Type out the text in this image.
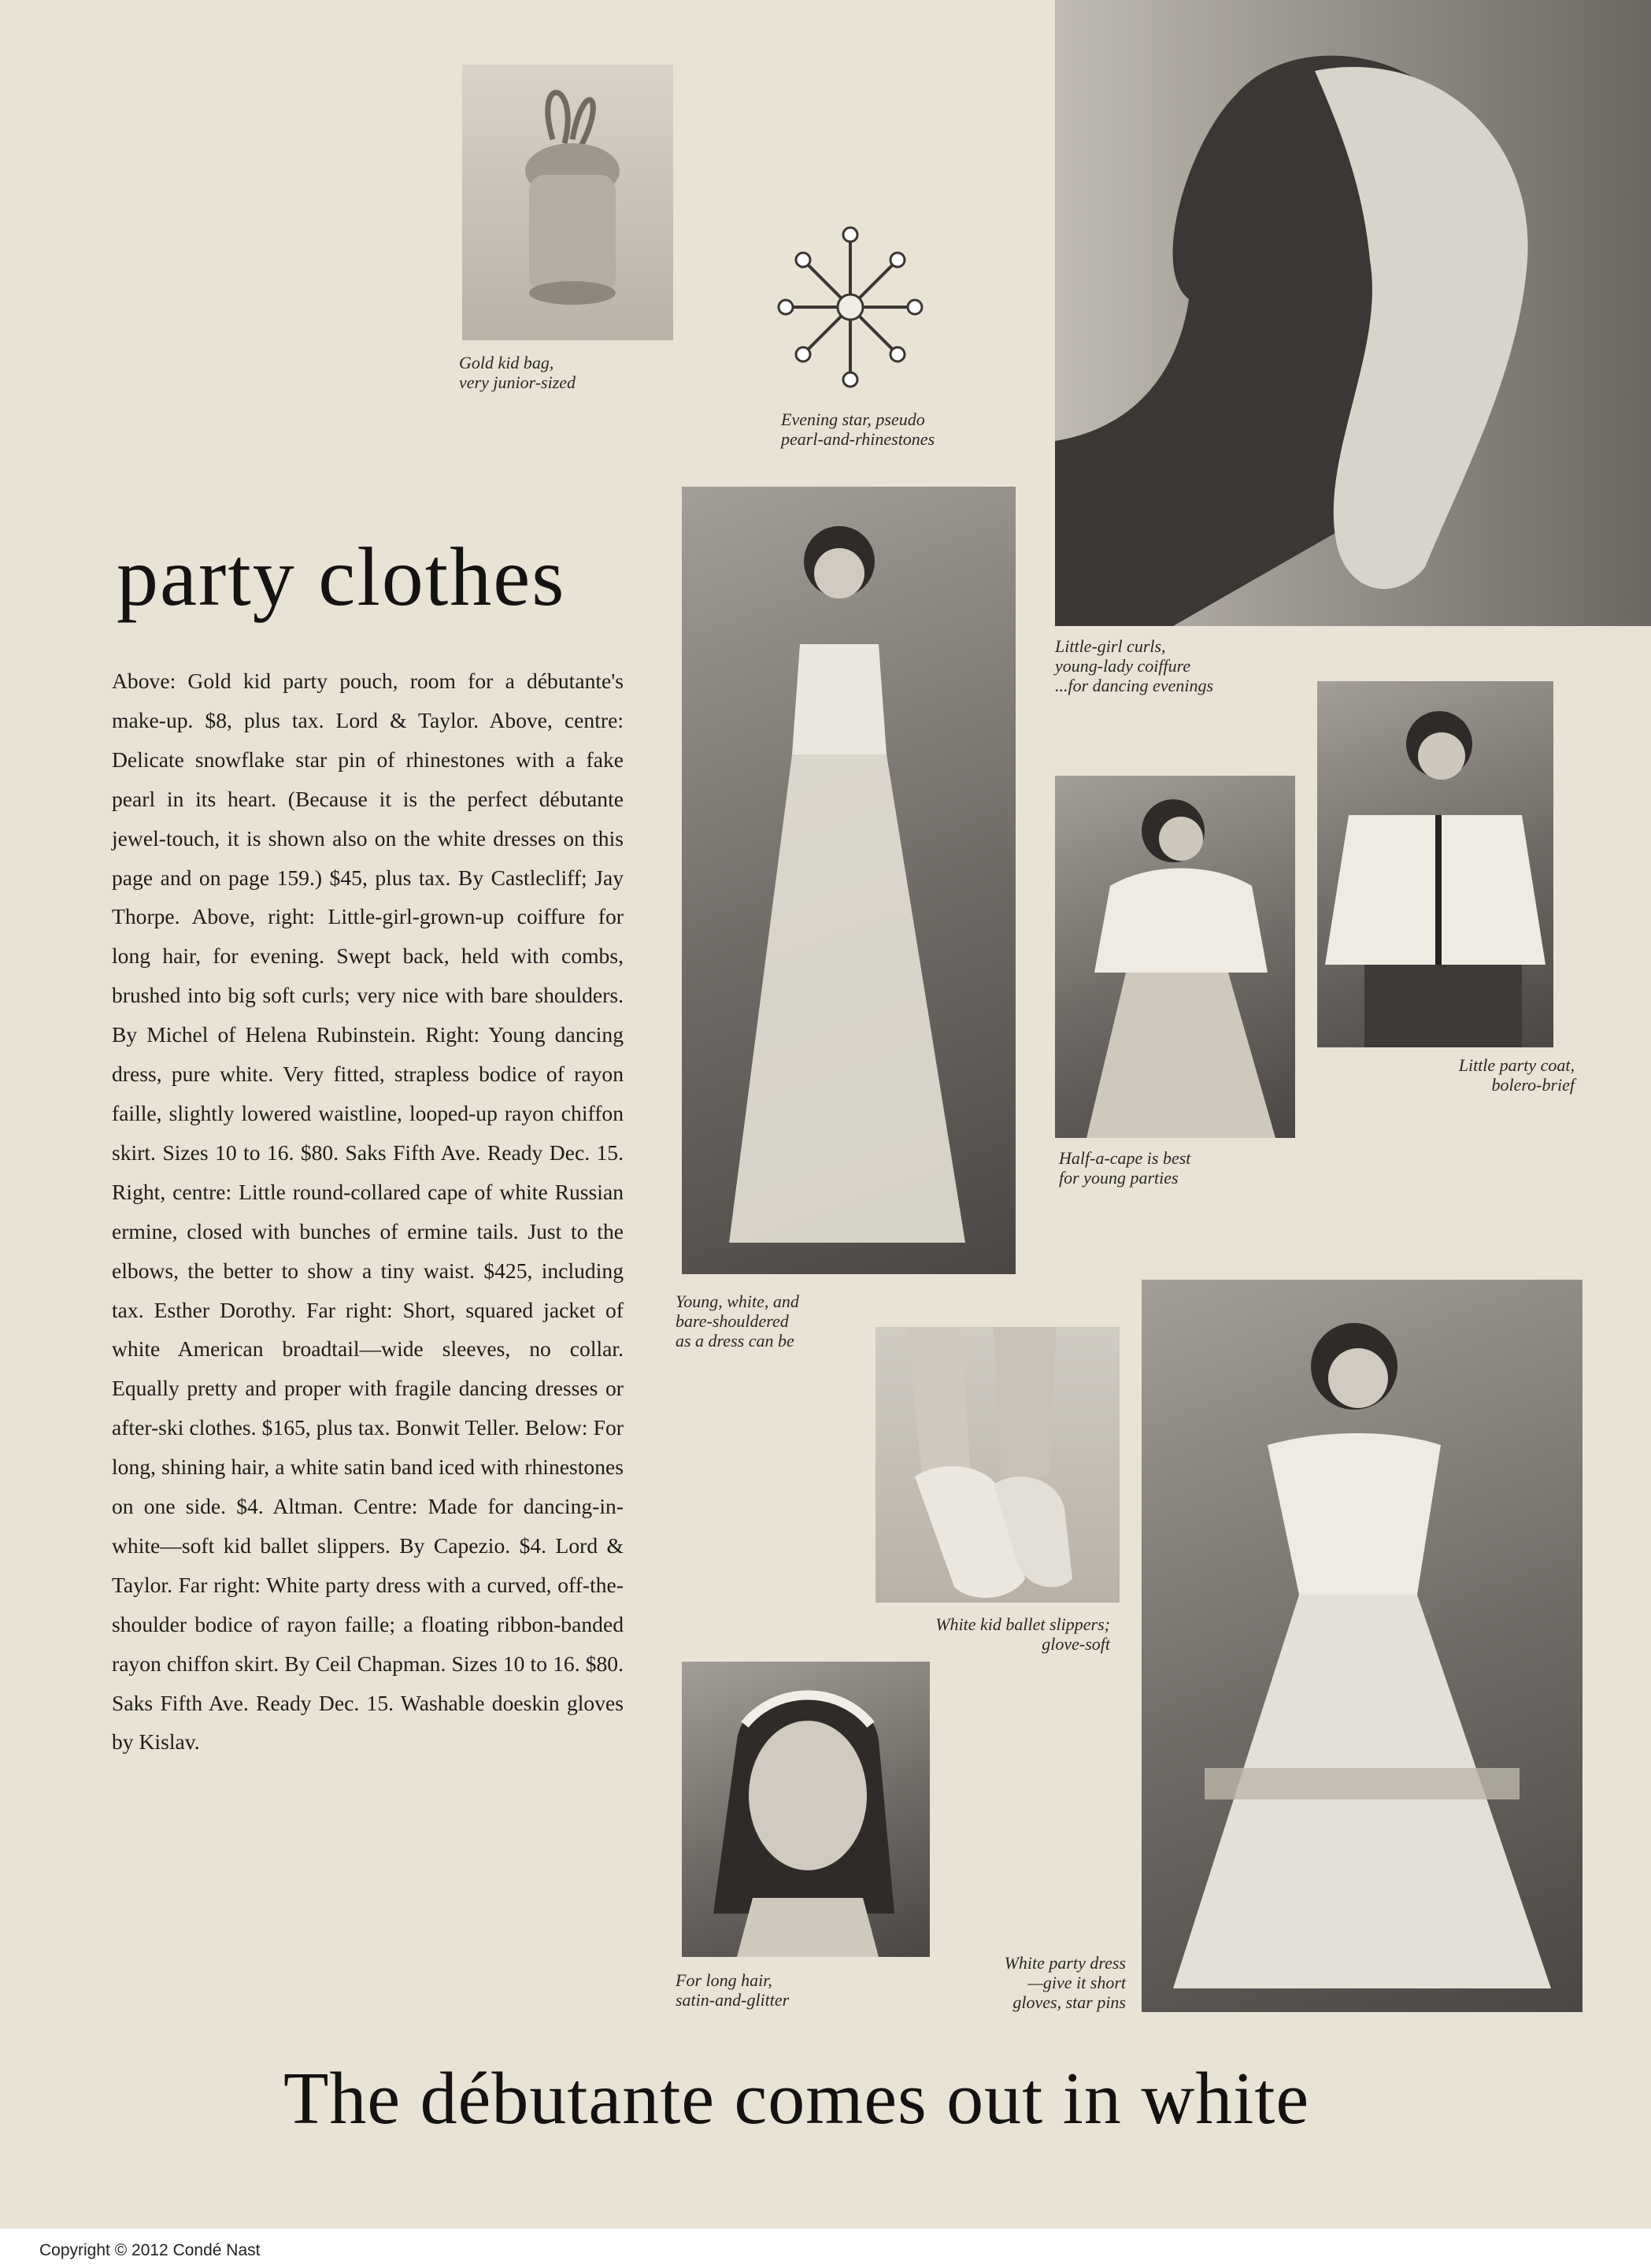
Gold kid bag,
very junior-sized
Evening star, pseudo
pearl-and-rhinestones
Little-girl curls,
young-lady coiffure
...for dancing evenings
Young, white, and
bare-shouldered
as a dress can be
Half-a-cape is best
for young parties
Little party coat,
bolero-brief
White kid ballet slippers;
glove-soft
White party dress
—give it short
gloves, star pins
For long hair,
satin-and-glitter
party clothes

Above: Gold kid party pouch, room for a débutante's make-up. $8, plus tax. Lord & Taylor. Above, centre: Delicate snowflake star pin of rhinestones with a fake pearl in its heart. (Because it is the perfect débutante jewel-touch, it is shown also on the white dresses on this page and on page 159.) $45, plus tax. By Castlecliff; Jay Thorpe. Above, right: Little-girl-grown-up coiffure for long hair, for evening. Swept back, held with combs, brushed into big soft curls; very nice with bare shoulders. By Michel of Helena Rubinstein. Right: Young dancing dress, pure white. Very fitted, strapless bodice of rayon faille, slightly lowered waistline, looped-up rayon chiffon skirt. Sizes 10 to 16. $80. Saks Fifth Ave. Ready Dec. 15. Right, centre: Little round-collared cape of white Russian ermine, closed with bunches of ermine tails. Just to the elbows, the better to show a tiny waist. $425, including tax. Esther Dorothy. Far right: Short, squared jacket of white American broadtail—wide sleeves, no collar. Equally pretty and proper with fragile dancing dresses or after-ski clothes. $165, plus tax. Bonwit Teller. Below: For long, shining hair, a white satin band iced with rhinestones on one side. $4. Altman. Centre: Made for dancing-in-white—soft kid ballet slippers. By Capezio. $4. Lord & Taylor. Far right: White party dress with a curved, off-the-shoulder bodice of rayon faille; a floating ribbon-banded rayon chiffon skirt. By Ceil Chapman. Sizes 10 to 16. $80. Saks Fifth Ave. Ready Dec. 15. Washable doeskin gloves by Kislav.

The débutante comes out in white
Copyright © 2012 Condé Nast
